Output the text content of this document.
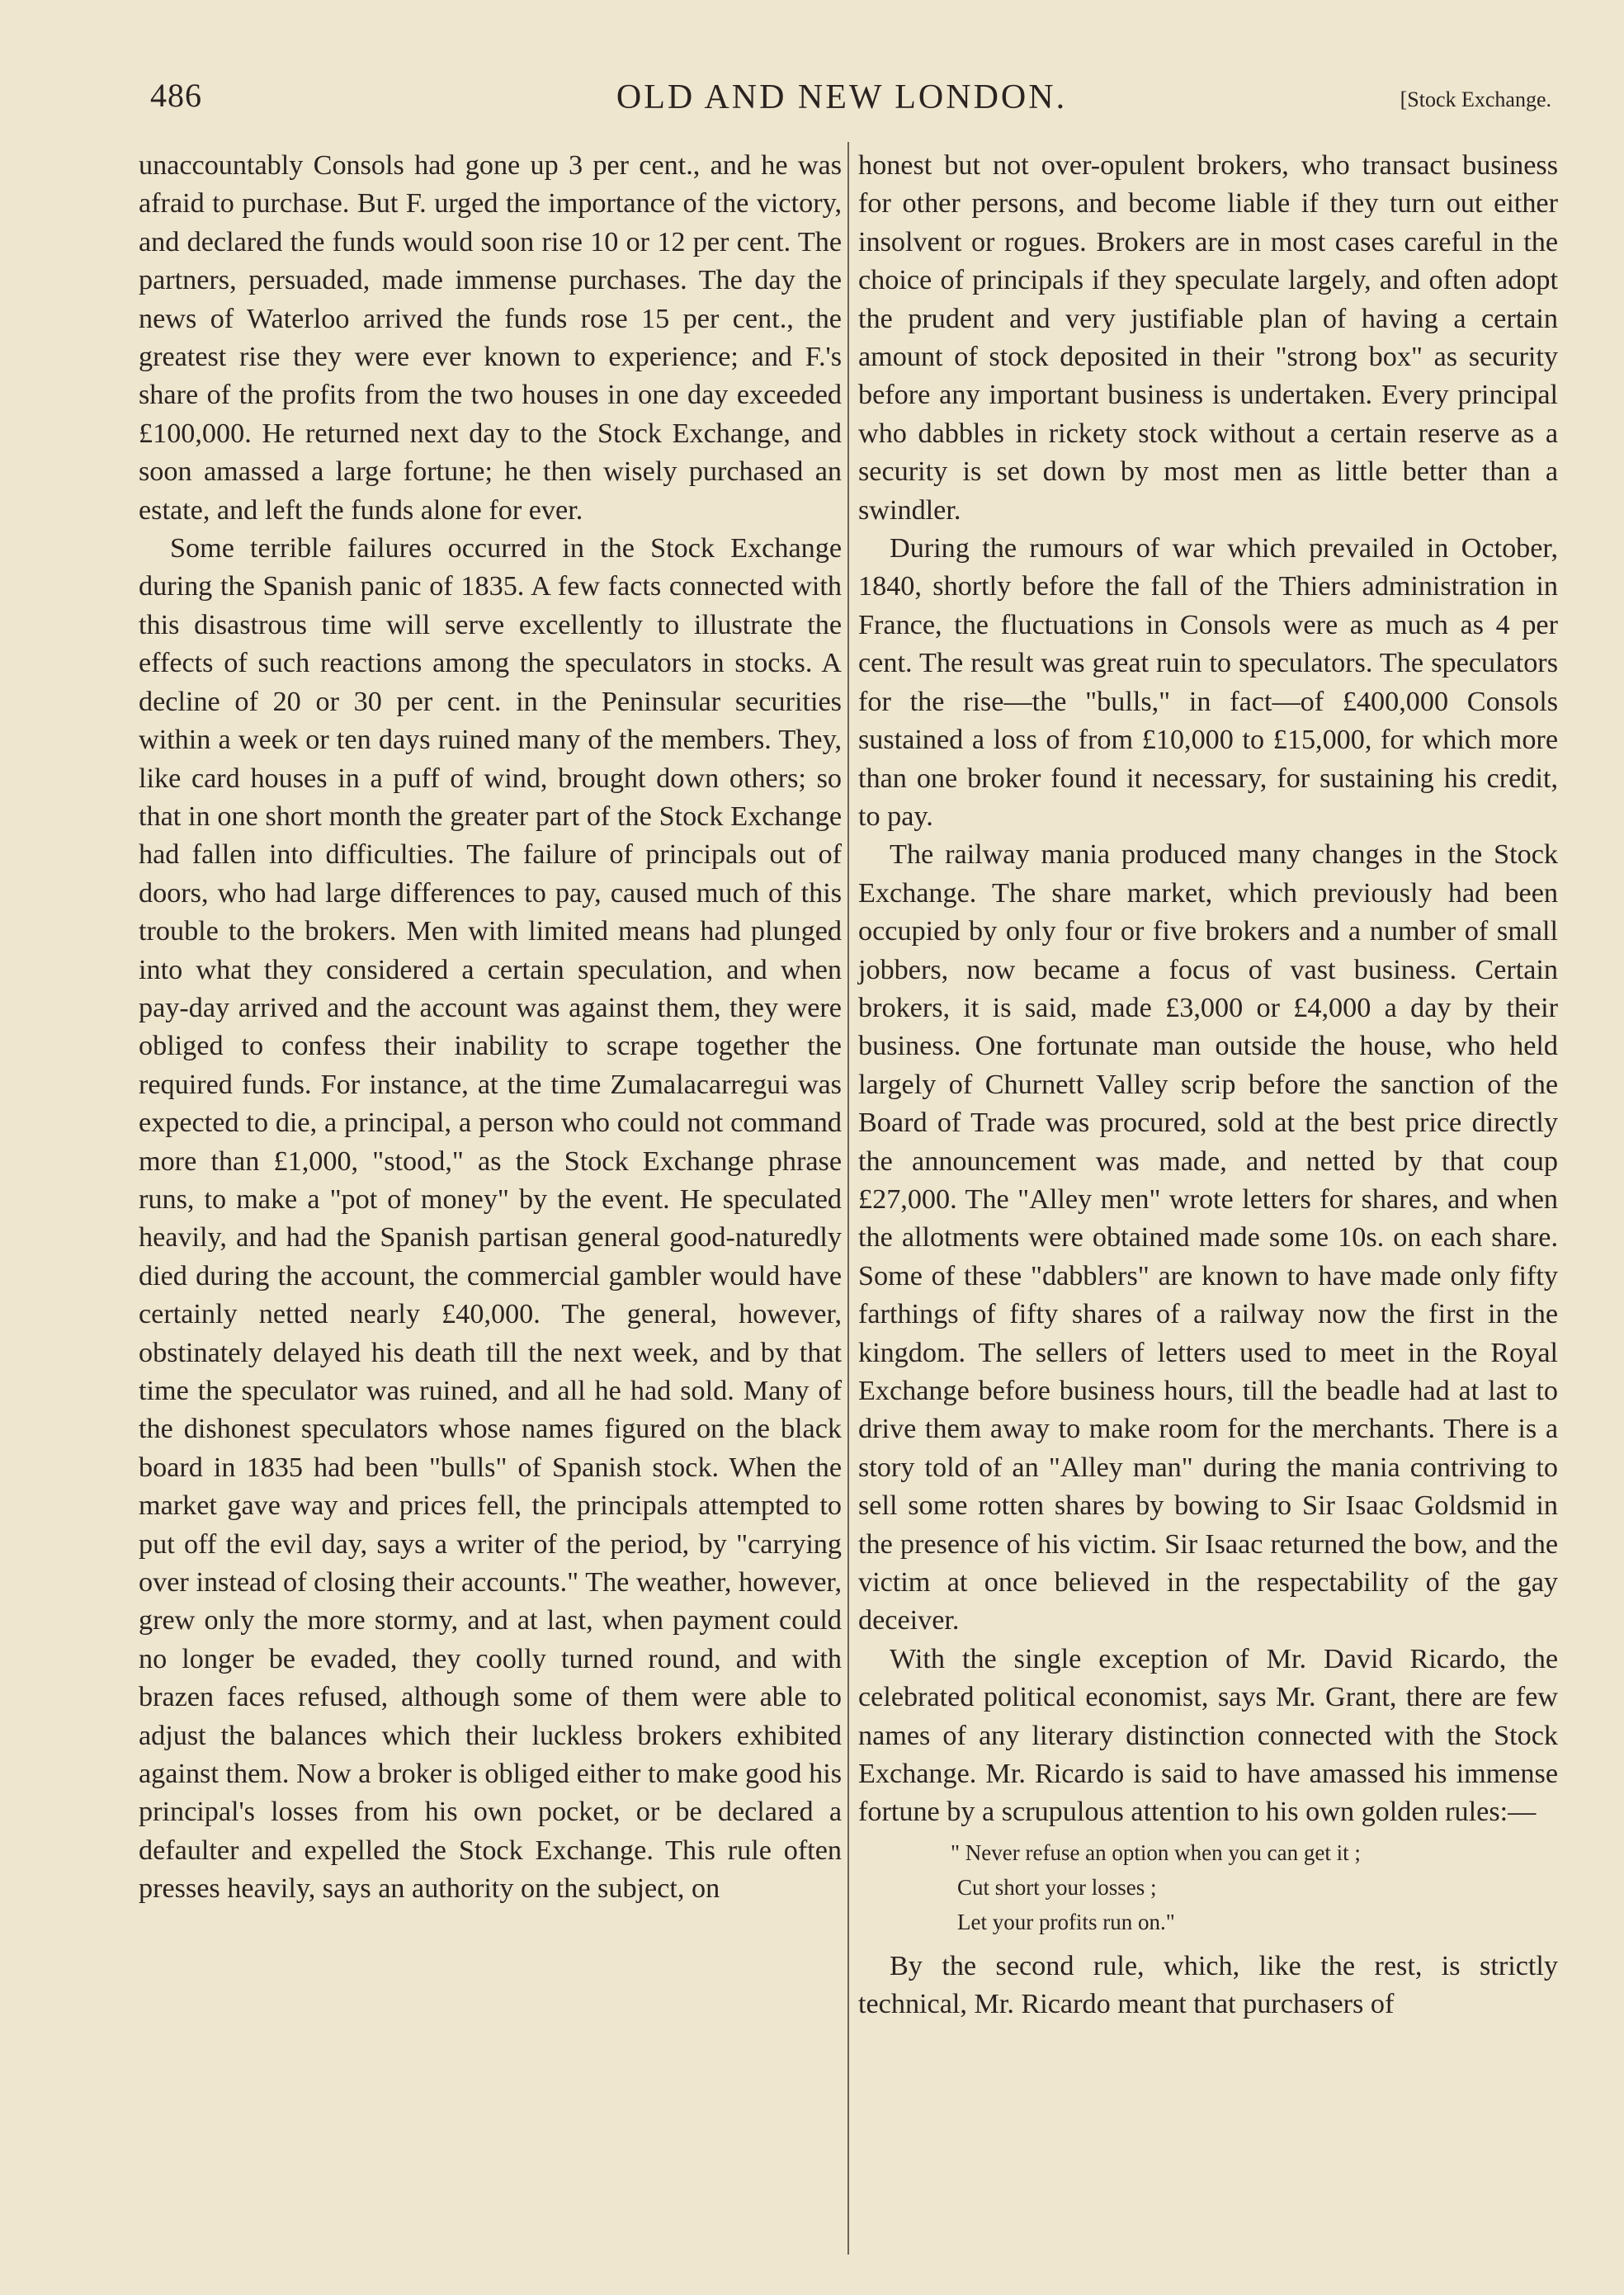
486	OLD AND NEW LONDON.	[Stock Exchange.

unaccountably Consols had gone up 3 per cent., and he was afraid to purchase. But F. urged the importance of the victory, and declared the funds would soon rise 10 or 12 per cent. The partners, persuaded, made immense purchases. The day the news of Waterloo arrived the funds rose 15 per cent., the greatest rise they were ever known to experience; and F.'s share of the profits from the two houses in one day exceeded £100,000. He returned next day to the Stock Exchange, and soon amassed a large fortune; he then wisely purchased an estate, and left the funds alone for ever.

Some terrible failures occurred in the Stock Exchange during the Spanish panic of 1835. A few facts connected with this disastrous time will serve excellently to illustrate the effects of such reactions among the speculators in stocks. A decline of 20 or 30 per cent. in the Peninsular securities within a week or ten days ruined many of the members. They, like card houses in a puff of wind, brought down others; so that in one short month the greater part of the Stock Exchange had fallen into difficulties. The failure of principals out of doors, who had large differences to pay, caused much of this trouble to the brokers. Men with limited means had plunged into what they considered a certain speculation, and when pay-day arrived and the account was against them, they were obliged to confess their inability to scrape together the required funds. For instance, at the time Zumalacarregui was expected to die, a principal, a person who could not command more than £1,000, "stood," as the Stock Exchange phrase runs, to make a "pot of money" by the event. He speculated heavily, and had the Spanish partisan general good-naturedly died during the account, the commercial gambler would have certainly netted nearly £40,000. The general, however, obstinately delayed his death till the next week, and by that time the speculator was ruined, and all he had sold. Many of the dishonest speculators whose names figured on the black board in 1835 had been "bulls" of Spanish stock. When the market gave way and prices fell, the principals attempted to put off the evil day, says a writer of the period, by "carrying over instead of closing their accounts." The weather, however, grew only the more stormy, and at last, when payment could no longer be evaded, they coolly turned round, and with brazen faces refused, although some of them were able to adjust the balances which their luckless brokers exhibited against them. Now a broker is obliged either to make good his principal's losses from his own pocket, or be declared a defaulter and expelled the Stock Exchange. This rule often presses heavily, says an authority on the subject, on

honest but not over-opulent brokers, who transact business for other persons, and become liable if they turn out either insolvent or rogues. Brokers are in most cases careful in the choice of principals if they speculate largely, and often adopt the prudent and very justifiable plan of having a certain amount of stock deposited in their "strong box" as security before any important business is undertaken. Every principal who dabbles in rickety stock without a certain reserve as a security is set down by most men as little better than a swindler.

During the rumours of war which prevailed in October, 1840, shortly before the fall of the Thiers administration in France, the fluctuations in Consols were as much as 4 per cent. The result was great ruin to speculators. The speculators for the rise—the "bulls," in fact—of £400,000 Consols sustained a loss of from £10,000 to £15,000, for which more than one broker found it necessary, for sustaining his credit, to pay.

The railway mania produced many changes in the Stock Exchange. The share market, which previously had been occupied by only four or five brokers and a number of small jobbers, now became a focus of vast business. Certain brokers, it is said, made £3,000 or £4,000 a day by their business. One fortunate man outside the house, who held largely of Churnett Valley scrip before the sanction of the Board of Trade was procured, sold at the best price directly the announcement was made, and netted by that coup £27,000. The "Alley men" wrote letters for shares, and when the allotments were obtained made some 10s. on each share. Some of these "dabblers" are known to have made only fifty farthings of fifty shares of a railway now the first in the kingdom. The sellers of letters used to meet in the Royal Exchange before business hours, till the beadle had at last to drive them away to make room for the merchants. There is a story told of an "Alley man" during the mania contriving to sell some rotten shares by bowing to Sir Isaac Goldsmid in the presence of his victim. Sir Isaac returned the bow, and the victim at once believed in the respectability of the gay deceiver.

With the single exception of Mr. David Ricardo, the celebrated political economist, says Mr. Grant, there are few names of any literary distinction connected with the Stock Exchange. Mr. Ricardo is said to have amassed his immense fortune by a scrupulous attention to his own golden rules:—

" Never refuse an option when you can get it ;
Cut short your losses ;
Let your profits run on."

By the second rule, which, like the rest, is strictly technical, Mr. Ricardo meant that purchasers of
